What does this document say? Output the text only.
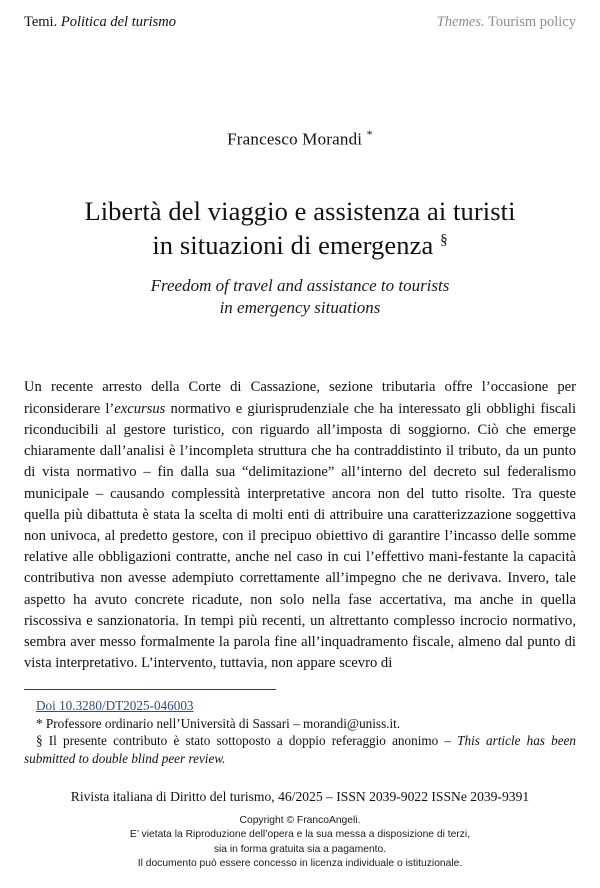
Temi. Politica del turismo	Themes. Tourism policy
Francesco Morandi *
Libertà del viaggio e assistenza ai turisti
in situazioni di emergenza §
Freedom of travel and assistance to tourists
in emergency situations

Un recente arresto della Corte di Cassazione, sezione tributaria offre l’occasione per riconsiderare l’excursus normativo e giurisprudenziale che ha interessato gli obblighi fiscali riconducibili al gestore turistico, con riguardo all’imposta di soggiorno. Ciò che emerge chiaramente dall’analisi è l’incompleta struttura che ha contraddistinto il tributo, da un punto di vista normativo – fin dalla sua “delimitazione” all’interno del decreto sul federalismo municipale – causando complessità interpretative ancora non del tutto risolte. Tra queste quella più dibattuta è stata la scelta di molti enti di attribuire una caratterizzazione soggettiva non univoca, al predetto gestore, con il precipuo obiettivo di garantire l’incasso delle somme relative alle obbligazioni contratte, anche nel caso in cui l’effettivo mani-festante la capacità contributiva non avesse adempiuto correttamente all’impegno che ne derivava. Invero, tale aspetto ha avuto concrete ricadute, non solo nella fase accertativa, ma anche in quella riscossiva e sanzionatoria. In tempi più recenti, un altrettanto complesso incrocio normativo, sembra aver messo formalmente la parola fine all’inquadramento fiscale, almeno dal punto di vista interpretativo. L’intervento, tuttavia, non appare scevro di

Doi 10.3280/DT2025-046003
* Professore ordinario nell’Università di Sassari – morandi@uniss.it.
§ Il presente contributo è stato sottoposto a doppio referaggio anonimo – This article has been submitted to double blind peer review.
Rivista italiana di Diritto del turismo, 46/2025 – ISSN 2039-9022 ISSNe 2039-9391
Copyright © FrancoAngeli.
E’ vietata la Riproduzione dell’opera e la sua messa a disposizione di terzi,
sia in forma gratuita sia a pagamento.
Il documento può essere concesso in licenza individuale o istituzionale.
